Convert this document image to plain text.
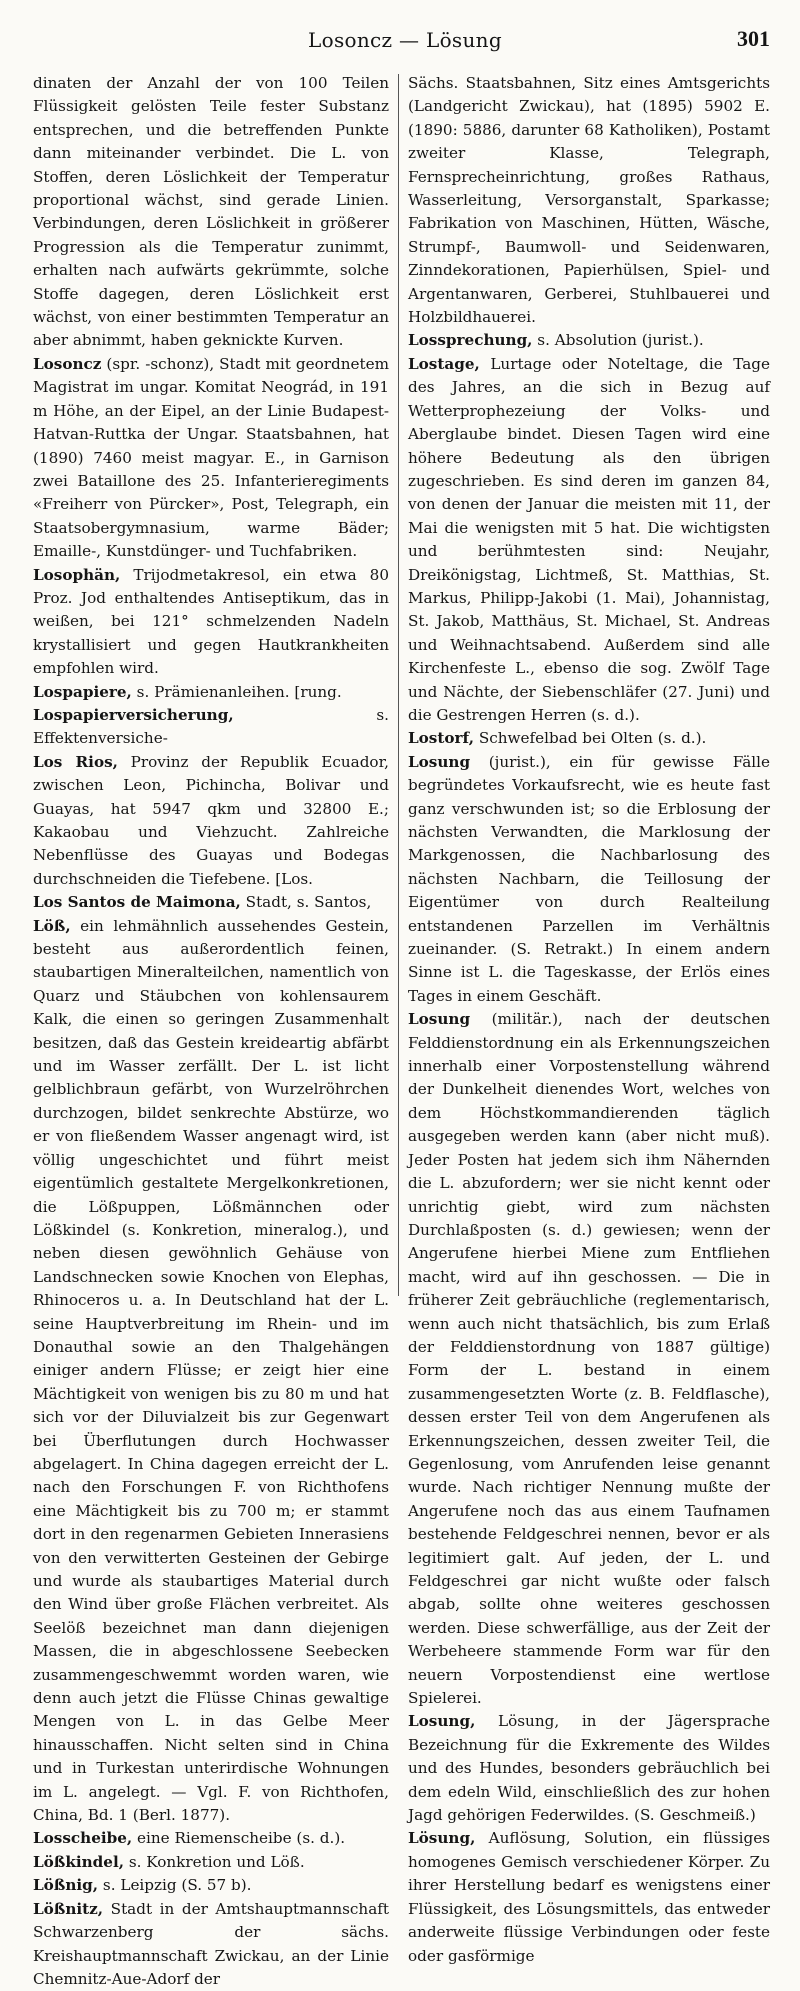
Losoncz — Lösung	301

dinaten der Anzahl der von 100 Teilen Flüssigkeit gelösten Teile fester Substanz entsprechen, und die betreffenden Punkte dann miteinander verbindet. Die L. von Stoffen, deren Löslichkeit der Temperatur proportional wächst, sind gerade Linien. Verbindungen, deren Löslichkeit in größerer Progression als die Temperatur zunimmt, erhalten nach aufwärts gekrümmte, solche Stoffe dagegen, deren Löslichkeit erst wächst, von einer bestimmten Temperatur an aber abnimmt, haben geknickte Kurven.

Losoncz (spr. -schonz), Stadt mit geordnetem Magistrat im ungar. Komitat Neográd, in 191 m Höhe, an der Eipel, an der Linie Budapest-Hatvan-Ruttka der Ungar. Staatsbahnen, hat (1890) 7460 meist magyar. E., in Garnison zwei Bataillone des 25. Infanterieregiments «Freiherr von Pürcker», Post, Telegraph, ein Staatsobergymnasium, warme Bäder; Emaille-, Kunstdünger- und Tuchfabriken.

Losophän, Trijodmetakresol, ein etwa 80 Proz. Jod enthaltendes Antiseptikum, das in weißen, bei 121° schmelzenden Nadeln krystallisiert und gegen Hautkrankheiten empfohlen wird.

Lospapiere, s. Prämienanleihen. [rung.

Lospapierversicherung, s. Effektenversiche-

Los Rios, Provinz der Republik Ecuador, zwischen Leon, Pichincha, Bolivar und Guayas, hat 5947 qkm und 32800 E.; Kakaobau und Viehzucht. Zahlreiche Nebenflüsse des Guayas und Bodegas durchschneiden die Tiefebene. [Los.

Los Santos de Maimona, Stadt, s. Santos,

Löß, ein lehmähnlich aussehendes Gestein, besteht aus außerordentlich feinen, staubartigen Mineralteilchen, namentlich von Quarz und Stäubchen von kohlensaurem Kalk, die einen so geringen Zusammenhalt besitzen, daß das Gestein kreideartig abfärbt und im Wasser zerfällt. Der L. ist licht gelblichbraun gefärbt, von Wurzelröhrchen durchzogen, bildet senkrechte Abstürze, wo er von fließendem Wasser angenagt wird, ist völlig ungeschichtet und führt meist eigentümlich gestaltete Mergelkonkretionen, die Lößpuppen, Lößmännchen oder Lößkindel (s. Konkretion, mineralog.), und neben diesen gewöhnlich Gehäuse von Landschnecken sowie Knochen von Elephas, Rhinoceros u. a. In Deutschland hat der L. seine Hauptverbreitung im Rhein- und im Donauthal sowie an den Thalgehängen einiger andern Flüsse; er zeigt hier eine Mächtigkeit von wenigen bis zu 80 m und hat sich vor der Diluvialzeit bis zur Gegenwart bei Überflutungen durch Hochwasser abgelagert. In China dagegen erreicht der L. nach den Forschungen F. von Richthofens eine Mächtigkeit bis zu 700 m; er stammt dort in den regenarmen Gebieten Innerasiens von den verwitterten Gesteinen der Gebirge und wurde als staubartiges Material durch den Wind über große Flächen verbreitet. Als Seelöß bezeichnet man dann diejenigen Massen, die in abgeschlossene Seebecken zusammengeschwemmt worden waren, wie denn auch jetzt die Flüsse Chinas gewaltige Mengen von L. in das Gelbe Meer hinausschaffen. Nicht selten sind in China und in Turkestan unterirdische Wohnungen im L. angelegt. — Vgl. F. von Richthofen, China, Bd. 1 (Berl. 1877).

Losscheibe, eine Riemenscheibe (s. d.).

Lößkindel, s. Konkretion und Löß.

Lößnig, s. Leipzig (S. 57 b).

Lößnitz, Stadt in der Amtshauptmannschaft Schwarzenberg der sächs. Kreishauptmannschaft Zwickau, an der Linie Chemnitz-Aue-Adorf der

Sächs. Staatsbahnen, Sitz eines Amtsgerichts (Landgericht Zwickau), hat (1895) 5902 E. (1890: 5886, darunter 68 Katholiken), Postamt zweiter Klasse, Telegraph, Fernsprecheinrichtung, großes Rathaus, Wasserleitung, Versorganstalt, Sparkasse; Fabrikation von Maschinen, Hütten, Wäsche, Strumpf-, Baumwoll- und Seidenwaren, Zinndekorationen, Papierhülsen, Spiel- und Argentanwaren, Gerberei, Stuhlbauerei und Holzbildhauerei.

Lossprechung, s. Absolution (jurist.).

Lostage, Lurtage oder Noteltage, die Tage des Jahres, an die sich in Bezug auf Wetterprophezeiung der Volks- und Aberglaube bindet. Diesen Tagen wird eine höhere Bedeutung als den übrigen zugeschrieben. Es sind deren im ganzen 84, von denen der Januar die meisten mit 11, der Mai die wenigsten mit 5 hat. Die wichtigsten und berühmtesten sind: Neujahr, Dreikönigstag, Lichtmeß, St. Matthias, St. Markus, Philipp-Jakobi (1. Mai), Johannistag, St. Jakob, Matthäus, St. Michael, St. Andreas und Weihnachtsabend. Außerdem sind alle Kirchenfeste L., ebenso die sog. Zwölf Tage und Nächte, der Siebenschläfer (27. Juni) und die Gestrengen Herren (s. d.).

Lostorf, Schwefelbad bei Olten (s. d.).

Losung (jurist.), ein für gewisse Fälle begründetes Vorkaufsrecht, wie es heute fast ganz verschwunden ist; so die Erblosung der nächsten Verwandten, die Marklosung der Markgenossen, die Nachbarlosung des nächsten Nachbarn, die Teillosung der Eigentümer von durch Realteilung entstandenen Parzellen im Verhältnis zueinander. (S. Retrakt.) In einem andern Sinne ist L. die Tageskasse, der Erlös eines Tages in einem Geschäft.

Losung (militär.), nach der deutschen Felddienstordnung ein als Erkennungszeichen innerhalb einer Vorpostenstellung während der Dunkelheit dienendes Wort, welches von dem Höchstkommandierenden täglich ausgegeben werden kann (aber nicht muß). Jeder Posten hat jedem sich ihm Nähernden die L. abzufordern; wer sie nicht kennt oder unrichtig giebt, wird zum nächsten Durchlaßposten (s. d.) gewiesen; wenn der Angerufene hierbei Miene zum Entfliehen macht, wird auf ihn geschossen. — Die in früherer Zeit gebräuchliche (reglementarisch, wenn auch nicht thatsächlich, bis zum Erlaß der Felddienstordnung von 1887 gültige) Form der L. bestand in einem zusammengesetzten Worte (z. B. Feldflasche), dessen erster Teil von dem Angerufenen als Erkennungszeichen, dessen zweiter Teil, die Gegenlosung, vom Anrufenden leise genannt wurde. Nach richtiger Nennung mußte der Angerufene noch das aus einem Taufnamen bestehende Feldgeschrei nennen, bevor er als legitimiert galt. Auf jeden, der L. und Feldgeschrei gar nicht wußte oder falsch abgab, sollte ohne weiteres geschossen werden. Diese schwerfällige, aus der Zeit der Werbeheere stammende Form war für den neuern Vorpostendienst eine wertlose Spielerei.

Losung, Lösung, in der Jägersprache Bezeichnung für die Exkremente des Wildes und des Hundes, besonders gebräuchlich bei dem edeln Wild, einschließlich des zur hohen Jagd gehörigen Federwildes. (S. Geschmeiß.)

Lösung, Auflösung, Solution, ein flüssiges homogenes Gemisch verschiedener Körper. Zu ihrer Herstellung bedarf es wenigstens einer Flüssigkeit, des Lösungsmittels, das entweder anderweite flüssige Verbindungen oder feste oder gasförmige
